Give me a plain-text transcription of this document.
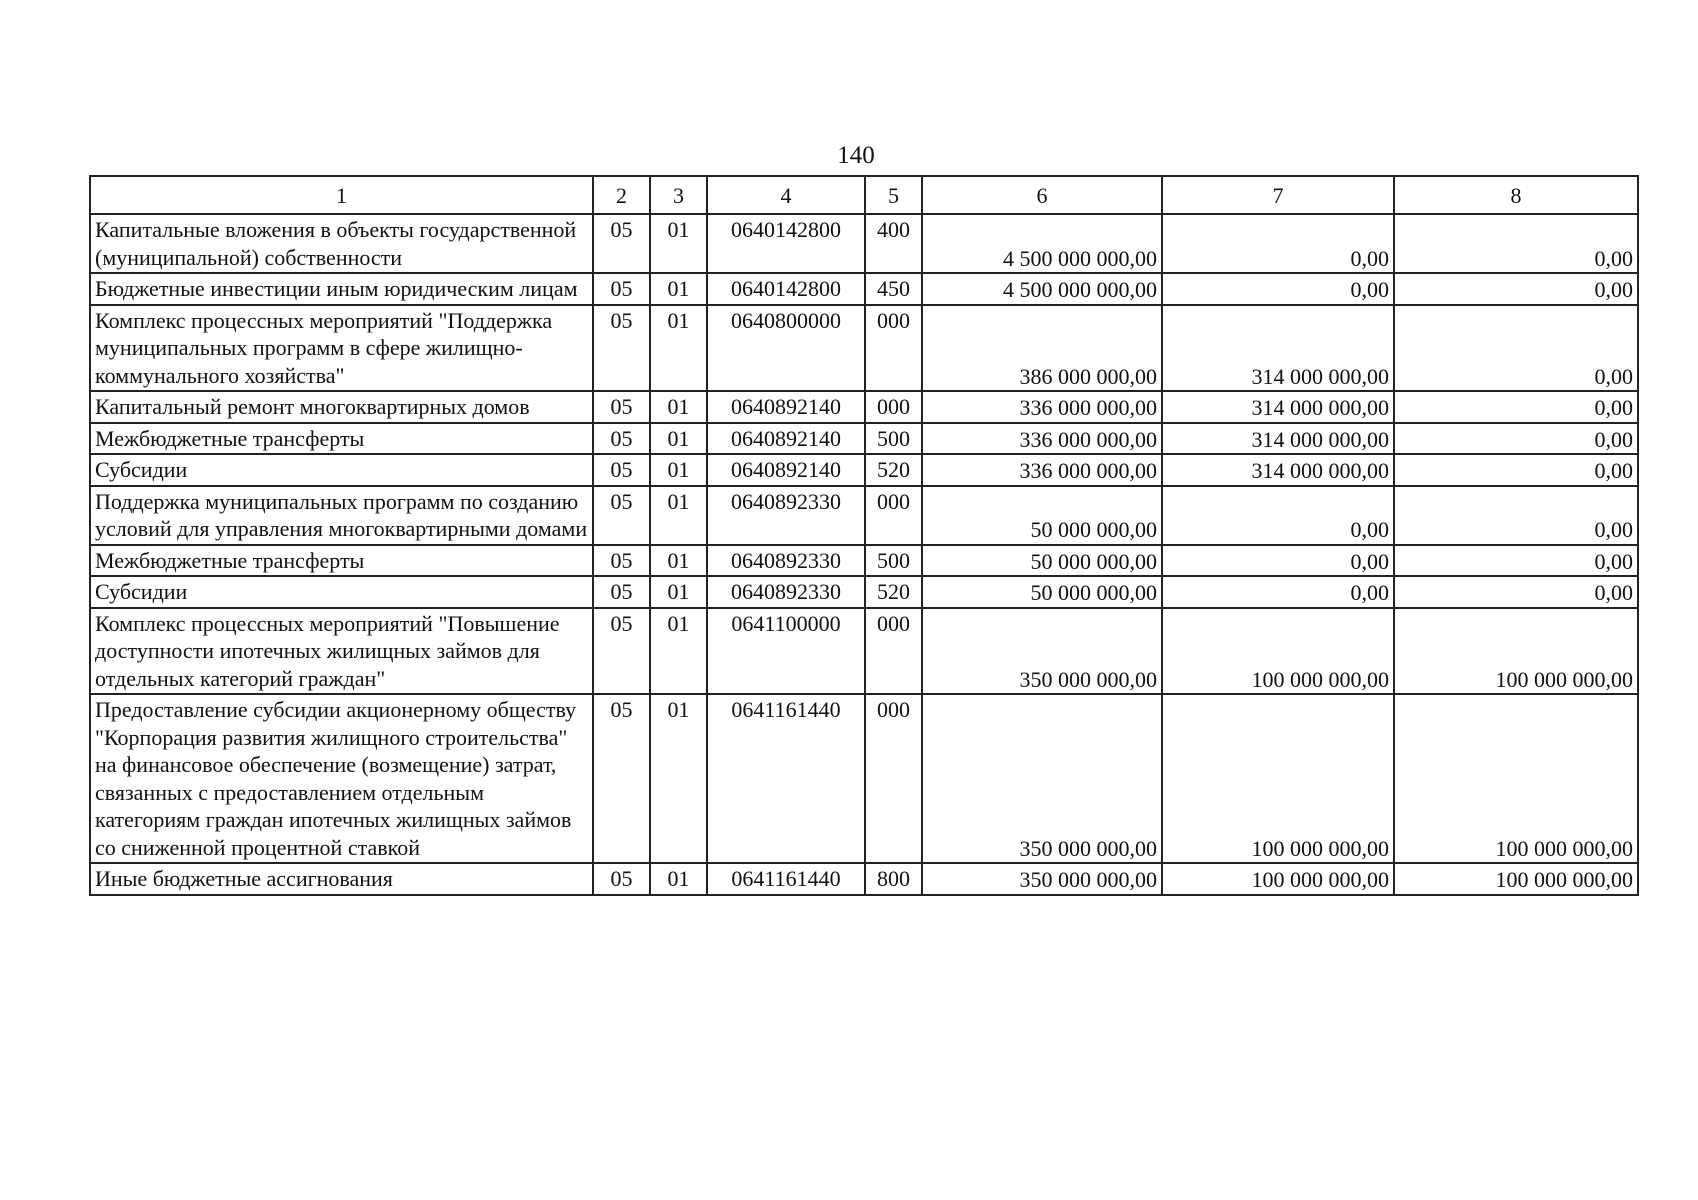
140
1	2	3	4	5	6	7	8
Капитальные вложения в объекты государственной (муниципальной) собственности	05	01	0640142800	400	4 500 000 000,00	0,00	0,00
Бюджетные инвестиции иным юридическим лицам	05	01	0640142800	450	4 500 000 000,00	0,00	0,00
Комплекс процессных мероприятий "Поддержка муниципальных программ в сфере жилищно-коммунального хозяйства"	05	01	0640800000	000	386 000 000,00	314 000 000,00	0,00
Капитальный ремонт многоквартирных домов	05	01	0640892140	000	336 000 000,00	314 000 000,00	0,00
Межбюджетные трансферты	05	01	0640892140	500	336 000 000,00	314 000 000,00	0,00
Субсидии	05	01	0640892140	520	336 000 000,00	314 000 000,00	0,00
Поддержка муниципальных программ по созданию условий для управления многоквартирными домами	05	01	0640892330	000	50 000 000,00	0,00	0,00
Межбюджетные трансферты	05	01	0640892330	500	50 000 000,00	0,00	0,00
Субсидии	05	01	0640892330	520	50 000 000,00	0,00	0,00
Комплекс процессных мероприятий "Повышение доступности ипотечных жилищных займов для отдельных категорий граждан"	05	01	0641100000	000	350 000 000,00	100 000 000,00	100 000 000,00
Предоставление субсидии акционерному обществу "Корпорация развития жилищного строительства" на финансовое обеспечение (возмещение) затрат, связанных с предоставлением отдельным категориям граждан ипотечных жилищных займов со сниженной процентной ставкой	05	01	0641161440	000	350 000 000,00	100 000 000,00	100 000 000,00
Иные бюджетные ассигнования	05	01	0641161440	800	350 000 000,00	100 000 000,00	100 000 000,00
